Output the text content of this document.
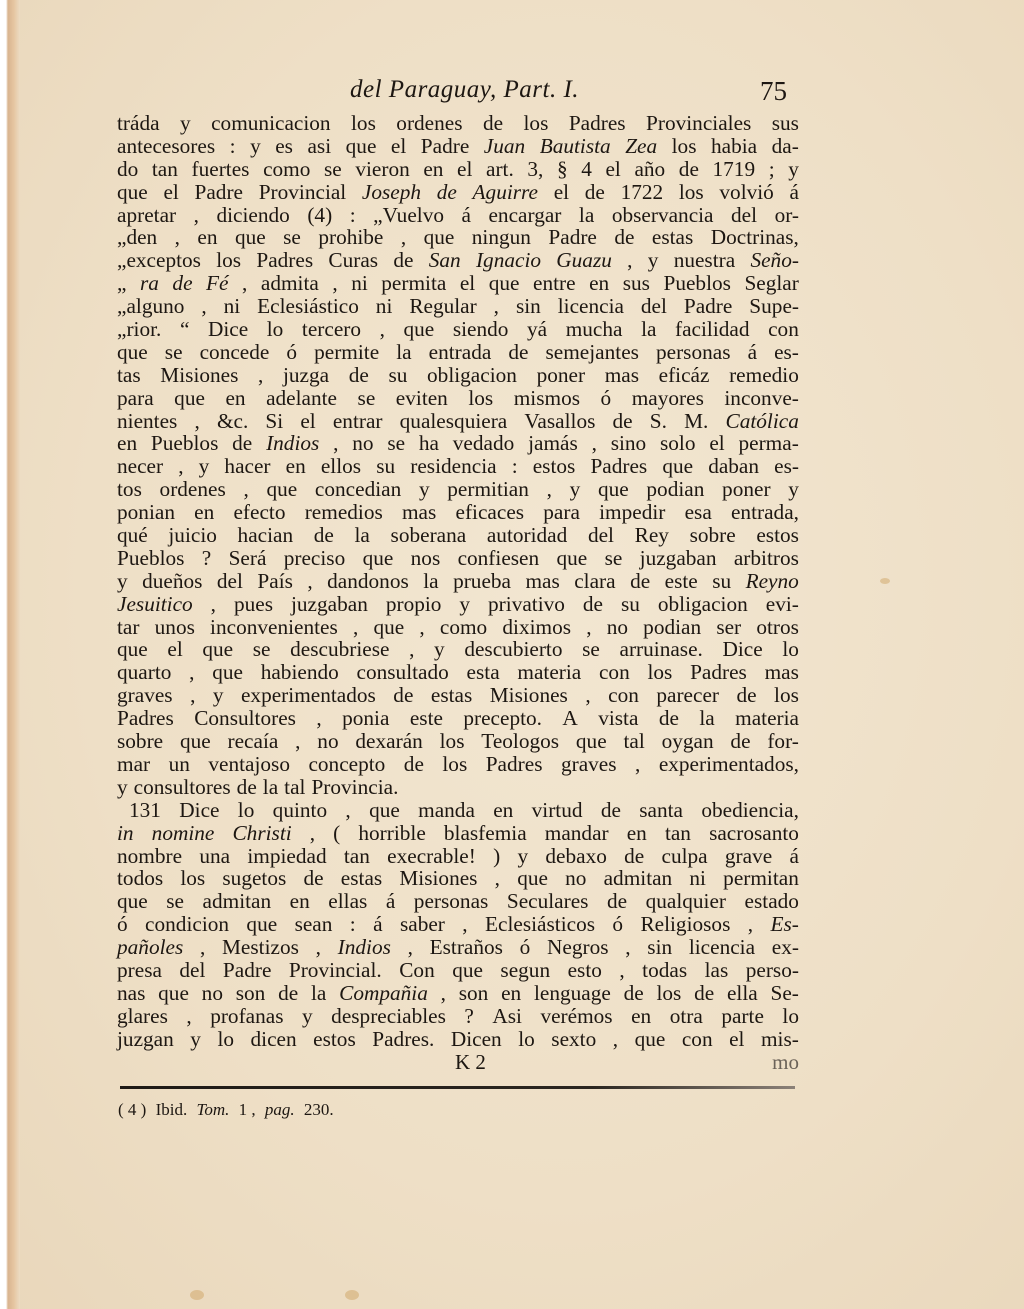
del Paraguay, Part. I.	75
tráda y comunicacion los ordenes de los Padres Provinciales sus
antecesores : y es asi que el Padre Juan Bautista Zea los habia da-
do tan fuertes como se vieron en el art. 3, § 4 el año de 1719 ; y
que el Padre Provincial Joseph de Aguirre el de 1722 los volvió á
apretar , diciendo (4) : „Vuelvo á encargar la observancia del or-
„den , en que se prohibe , que ningun Padre de estas Doctrinas,
„exceptos los Padres Curas de San Ignacio Guazu , y nuestra Seño-
„ ra de Fé , admita , ni permita el que entre en sus Pueblos Seglar
„alguno , ni Eclesiástico ni Regular , sin licencia del Padre Supe-
„rior. “ Dice lo tercero , que siendo yá mucha la facilidad con
que se concede ó permite la entrada de semejantes personas á es-
tas Misiones , juzga de su obligacion poner mas eficáz remedio
para que en adelante se eviten los mismos ó mayores inconve-
nientes , &c. Si el entrar qualesquiera Vasallos de S. M. Católica
en Pueblos de Indios , no se ha vedado jamás , sino solo el perma-
necer , y hacer en ellos su residencia : estos Padres que daban es-
tos ordenes , que concedian y permitian , y que podian poner y
ponian en efecto remedios mas eficaces para impedir esa entrada,
qué juicio hacian de la soberana autoridad del Rey sobre estos
Pueblos ? Será preciso que nos confiesen que se juzgaban arbitros
y dueños del País , dandonos la prueba mas clara de este su Reyno
Jesuitico , pues juzgaban propio y privativo de su obligacion evi-
tar unos inconvenientes , que , como diximos , no podian ser otros
que el que se descubriese , y descubierto se arruinase. Dice lo
quarto , que habiendo consultado esta materia con los Padres mas
graves , y experimentados de estas Misiones , con parecer de los
Padres Consultores , ponia este precepto. A vista de la materia
sobre que recaía , no dexarán los Teologos que tal oygan de for-
mar un ventajoso concepto de los Padres graves , experimentados,
y consultores de la tal Provincia.
131 Dice lo quinto , que manda en virtud de santa obediencia,
in nomine Christi , ( horrible blasfemia mandar en tan sacrosanto
nombre una impiedad tan execrable! ) y debaxo de culpa grave á
todos los sugetos de estas Misiones , que no admitan ni permitan
que se admitan en ellas á personas Seculares de qualquier estado
ó condicion que sean : á saber , Eclesiásticos ó Religiosos , Es-
pañoles , Mestizos , Indios , Estraños ó Negros , sin licencia ex-
presa del Padre Provincial. Con que segun esto , todas las perso-
nas que no son de la Compañia , son en lenguage de los de ella Se-
glares , profanas y despreciables ? Asi verémos en otra parte lo
juzgan y lo dicen estos Padres. Dicen lo sexto , que con el mis-
K 2	mo
( 4 ) Ibid. Tom. 1 , pag. 230.
